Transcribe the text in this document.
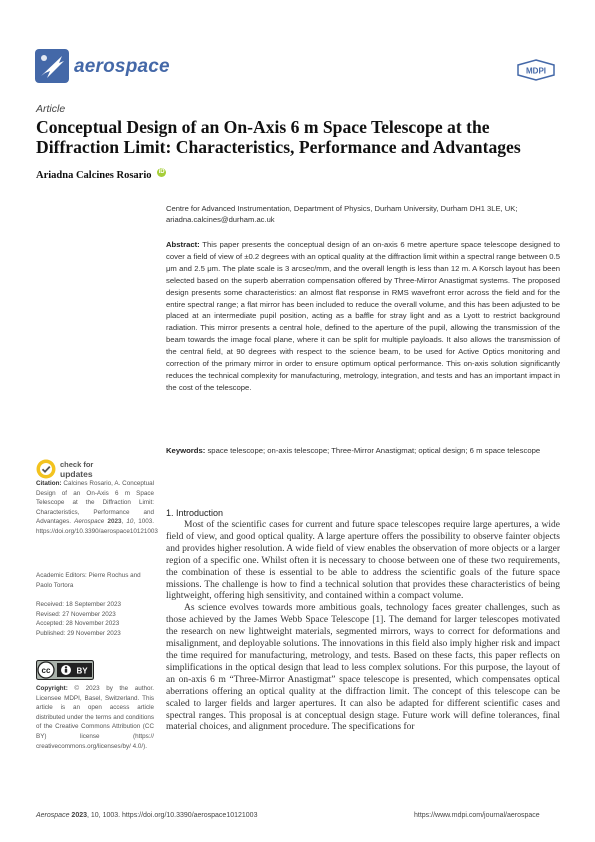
aerospace	MDPI
Article
Conceptual Design of an On-Axis 6 m Space Telescope at the
Diffraction Limit: Characteristics, Performance and Advantages
Ariadna Calcines Rosario iD
Centre for Advanced Instrumentation, Department of Physics, Durham University, Durham DH1 3LE, UK;
ariadna.calcines@durham.ac.uk
Abstract: This paper presents the conceptual design of an on-axis 6 metre aperture space telescope designed to cover a field of view of ±0.2 degrees with an optical quality at the diffraction limit within a spectral range between 0.5 μm and 2.5 μm. The plate scale is 3 arcsec/mm, and the overall length is less than 12 m. A Korsch layout has been selected based on the superb aberration compensation offered by Three-Mirror Anastigmat systems. The proposed design presents some characteristics: an almost flat response in RMS wavefront error across the field and for the entire spectral range; a flat mirror has been included to reduce the overall volume, and this has been adjusted to be placed at an intermediate pupil position, acting as a baffle for stray light and as a Lyott to restrict background radiation. This mirror presents a central hole, defined to the aperture of the pupil, allowing the transmission of the beam towards the image focal plane, where it can be split for multiple payloads. It also allows the transmission of the central field, at 90 degrees with respect to the science beam, to be used for Active Optics monitoring and correction of the primary mirror in order to ensure optimum optical performance. This on-axis solution significantly reduces the technical complexity for manufacturing, metrology, integration, and tests and has an important impact in the cost of the telescope.
Keywords: space telescope; on-axis telescope; Three-Mirror Anastigmat; optical design; 6 m space telescope
1. Introduction

Most of the scientific cases for current and future space telescopes require large apertures, a wide field of view, and good optical quality. A large aperture offers the possibility to observe fainter objects and provides higher resolution. A wide field of view enables the observation of more objects or a larger region of a specific one. Whilst often it is necessary to choose between one of these two requirements, the combination of these is essential to be able to address the scientific goals of the future space missions. The challenge is how to find a technical solution that provides these characteristics of being lightweight, offering high sensitivity, and contained within a compact volume.

As science evolves towards more ambitious goals, technology faces greater challenges, such as those achieved by the James Webb Space Telescope [1]. The demand for larger telescopes motivated the research on new lightweight materials, segmented mirrors, ways to correct for deformations and misalignment, and deployable solutions. The innovations in this field also imply higher risk and impact the time required for manufacturing, metrology, and tests. Based on these facts, this paper reflects on simplifications in the optical design that lead to less complex solutions. For this purpose, the layout of an on-axis 6 m “Three-Mirror Anastigmat” space telescope is presented, which compensates optical aberrations offering an optical quality at the diffraction limit. The concept of this telescope can be scaled to larger fields and larger apertures. It can also be adapted for different scientific cases and spectral ranges. This proposal is at conceptual design stage. Future work will define tolerances, final material choices, and alignment procedure. The specifications for

check for
updates
Citation: Calcines Rosario, A. Conceptual Design of an On-Axis 6 m Space Telescope at the Diffraction Limit: Characteristics, Performance and Advantages. Aerospace 2023, 10, 1003. https://doi.org/10.3390/aerospace10121003
Academic Editors: Pierre Rochus and Paolo Tortora
Received: 18 September 2023
Revised: 27 November 2023
Accepted: 28 November 2023
Published: 29 November 2023
cc	BY
Copyright: © 2023 by the author. Licensee MDPI, Basel, Switzerland. This article is an open access article distributed under the terms and conditions of the Creative Commons Attribution (CC BY) license (https:// creativecommons.org/licenses/by/ 4.0/).
Aerospace 2023, 10, 1003. https://doi.org/10.3390/aerospace10121003	https://www.mdpi.com/journal/aerospace
